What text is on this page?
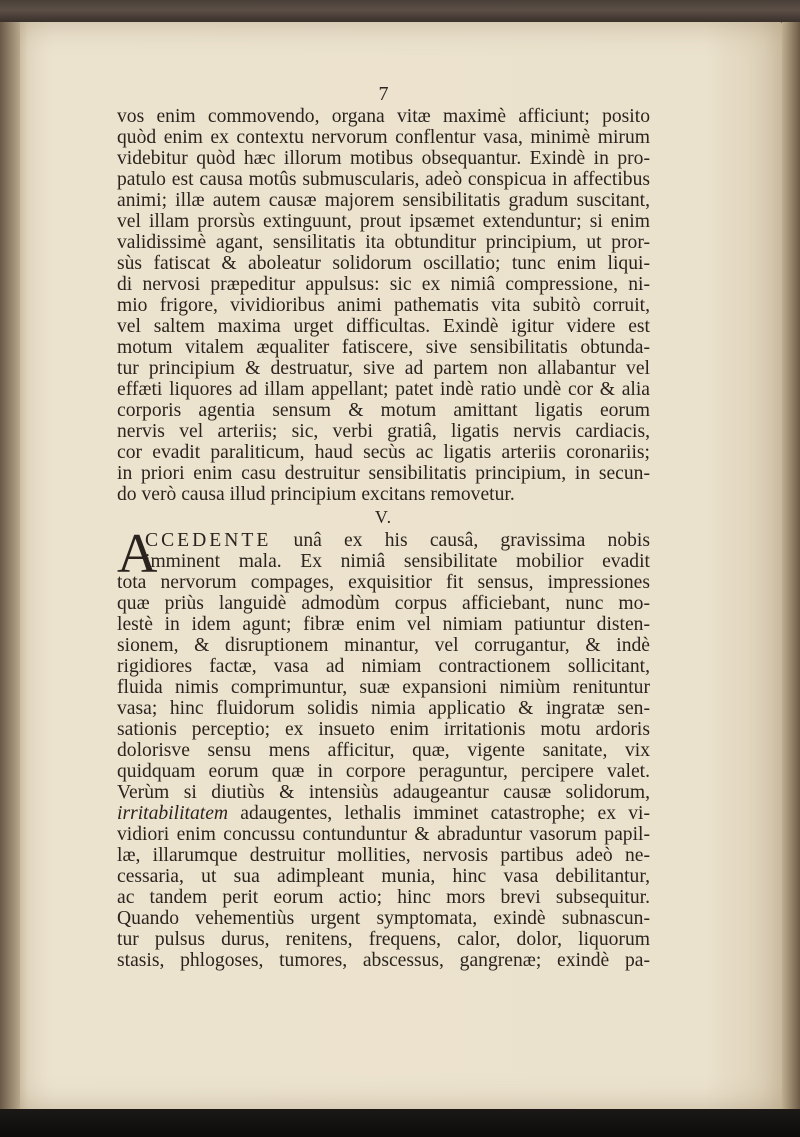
7
vos enim commovendo, organa vitæ maximè afficiunt; posito
quòd enim ex contextu nervorum conflentur vasa, minimè mirum
videbitur quòd hæc illorum motibus obsequantur. Exindè in pro-
patulo est causa motûs submuscularis, adeò conspicua in affectibus
animi; illæ autem causæ majorem sensibilitatis gradum suscitant,
vel illam prorsùs extinguunt, prout ipsæmet extenduntur; si enim
validissimè agant, sensilitatis ita obtunditur principium, ut pror-
sùs fatiscat & aboleatur solidorum oscillatio; tunc enim liqui-
di nervosi præpeditur appulsus: sic ex nimiâ compressione, ni-
mio frigore, vividioribus animi pathematis vita subitò corruit,
vel saltem maxima urget difficultas. Exindè igitur videre est
motum vitalem æqualiter fatiscere, sive sensibilitatis obtunda-
tur principium & destruatur, sive ad partem non allabantur vel
effæti liquores ad illam appellant; patet indè ratio undè cor & alia
corporis agentia sensum & motum amittant ligatis eorum
nervis vel arteriis; sic, verbi gratiâ, ligatis nervis cardiacis,
cor evadit paraliticum, haud secùs ac ligatis arteriis coronariis;
in priori enim casu destruitur sensibilitatis principium, in secun-
do verò causa illud principium excitans removetur.
V.
A
CCEDENTE unâ ex his causâ, gravissima nobis
imminent mala. Ex nimiâ sensibilitate mobilior evadit
tota nervorum compages, exquisitior fit sensus, impressiones
quæ priùs languidè admodùm corpus afficiebant, nunc mo-
lestè in idem agunt; fibræ enim vel nimiam patiuntur disten-
sionem, & disruptionem minantur, vel corrugantur, & indè
rigidiores factæ, vasa ad nimiam contractionem sollicitant,
fluida nimis comprimuntur, suæ expansioni nimiùm renituntur
vasa; hinc fluidorum solidis nimia applicatio & ingratæ sen-
sationis perceptio; ex insueto enim irritationis motu ardoris
dolorisve sensu mens afficitur, quæ, vigente sanitate, vix
quidquam eorum quæ in corpore peraguntur, percipere valet.
Verùm si diutiùs & intensiùs adaugeantur causæ solidorum,
irritabilitatem adaugentes, lethalis imminet catastrophe; ex vi-
vidiori enim concussu contunduntur & abraduntur vasorum papil-
læ, illarumque destruitur mollities, nervosis partibus adeò ne-
cessaria, ut sua adimpleant munia, hinc vasa debilitantur,
ac tandem perit eorum actio; hinc mors brevi subsequitur.
Quando vehementiùs urgent symptomata, exindè subnascun-
tur pulsus durus, renitens, frequens, calor, dolor, liquorum
stasis, phlogoses, tumores, abscessus, gangrenæ; exindè pa-
